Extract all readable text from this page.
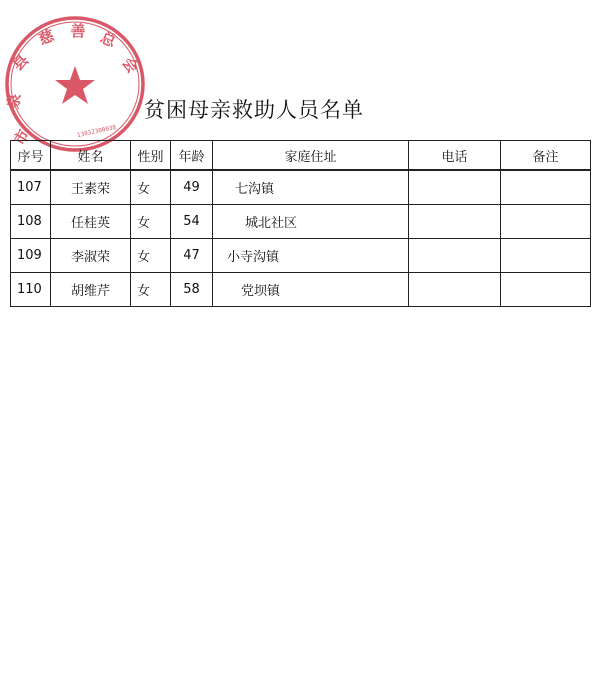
市
泉
县
慈 善 总
会
13032300038
贫困母亲救助人员名单
序号	姓名	性别	年龄	家庭住址	电话	备注
107	王素荣	女	49	七沟镇		
108	任桂英	女	54	城北社区		
109	李淑荣	女	47	小寺沟镇		
110	胡维芹	女	58	党坝镇		
